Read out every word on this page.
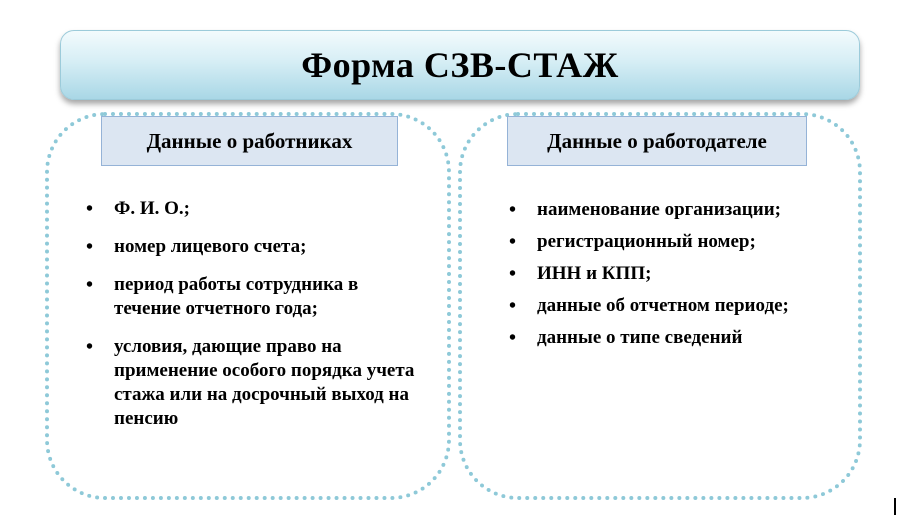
Форма СЗВ-СТАЖ
Данные о работниках	Данные о работодателе
• Ф. И. О.;
• номер лицевого счета;
• период работы сотрудника в течение отчетного года;
• условия, дающие право на применение особого порядка учета стажа или на досрочный выход на пенсию
• наименование организации;
• регистрационный номер;
• ИНН и КПП;
• данные об отчетном периоде;
• данные о типе сведений
